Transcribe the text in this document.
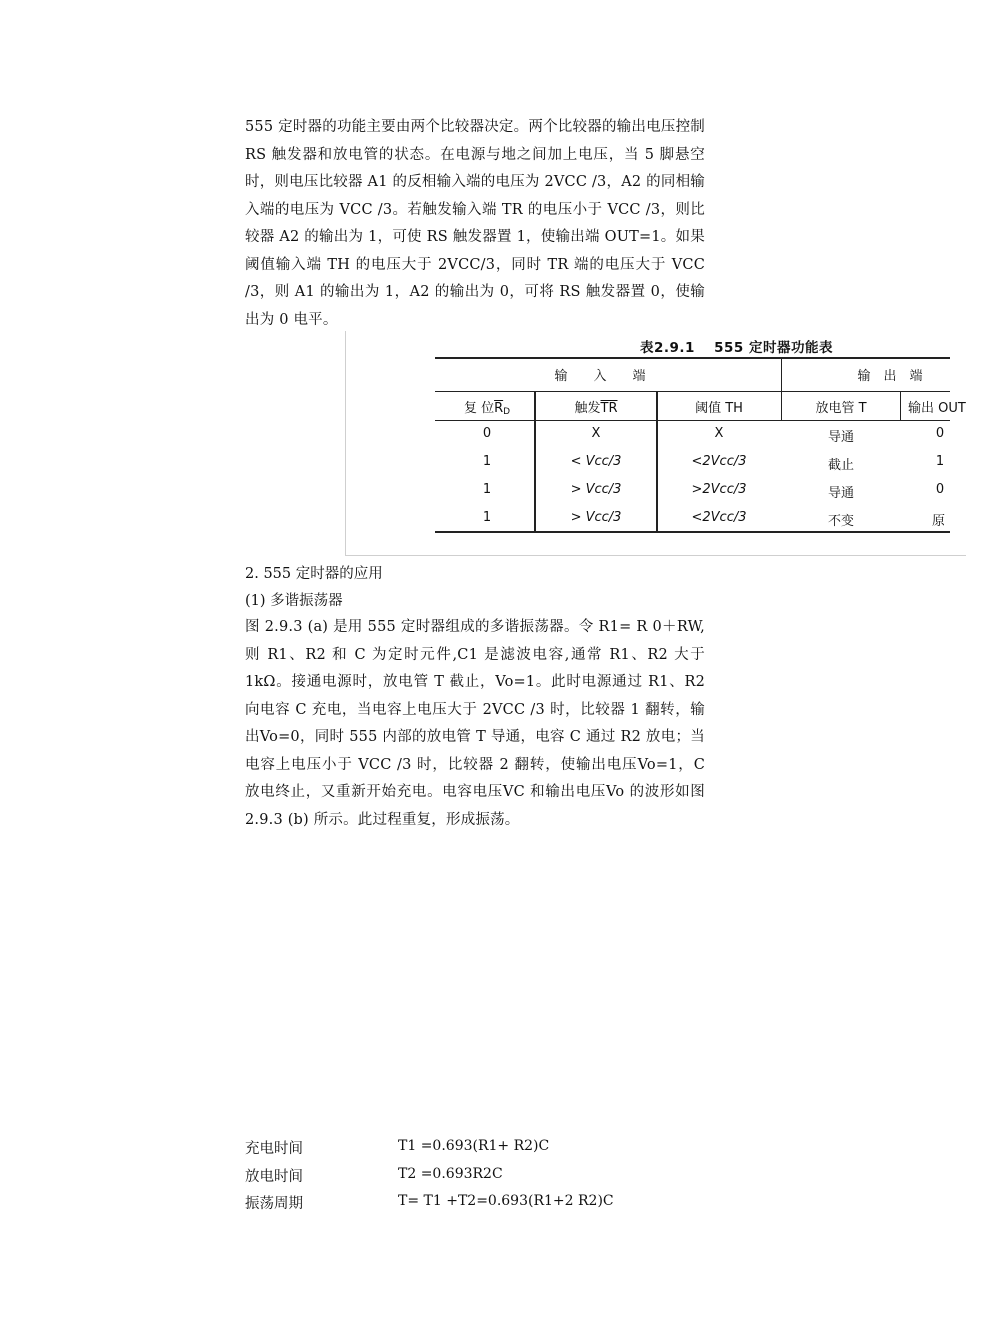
555 定时器的功能主要由两个比较器决定。两个比较器的输出电压控制 RS 触发器和放电管的状态。在电源与地之间加上电压，当 5 脚悬空时，则电压比较器 A1 的反相输入端的电压为 2VCC /3，A2 的同相输入端的电压为 VCC /3。若触发输入端 TR 的电压小于 VCC /3，则比较器 A2 的输出为 1，可使 RS 触发器置 1，使输出端 OUT=1。如果阈值输入端 TH 的电压大于 2VCC/3，同时 TR 端的电压大于 VCC /3，则 A1 的输出为 1，A2 的输出为 0，可将 RS 触发器置 0，使输出为 0 电平。

表2.9.1　 555 定时器功能表
输　　入　　端	输　出　端
复 位$\overline{R}_D$	触发$\overline{TR}$	阈值 TH	放电管 T	输出 OUT
0	X	X	导通	0
1	< Vcc/3	<2Vcc/3	截止	1
1	> Vcc/3	>2Vcc/3	导通	0
1	> Vcc/3	<2Vcc/3	不变	原

2. 555 定时器的应用

(1) 多谐振荡器

图 2.9.3 (a) 是用 555 定时器组成的多谐振荡器。令 R1= R 0＋RW,则 R1、R2 和 C 为定时元件,C1 是滤波电容,通常 R1、R2 大于 1kΩ。接通电源时，放电管 T 截止，Vo=1。此时电源通过 R1、R2 向电容 C 充电，当电容上电压大于 2VCC /3 时，比较器 1 翻转，输出Vo=0，同时 555 内部的放电管 T 导通，电容 C 通过 R2 放电；当电容上电压小于 VCC /3 时，比较器 2 翻转，使输出电压Vo=1，C 放电终止，又重新开始充电。电容电压VC 和输出电压Vo 的波形如图 2.9.3 (b) 所示。此过程重复，形成振荡。

充电时间	T1 =0.693(R1+ R2)C
放电时间	T2 =0.693R2C
振荡周期	T= T1 +T2=0.693(R1+2 R2)C
